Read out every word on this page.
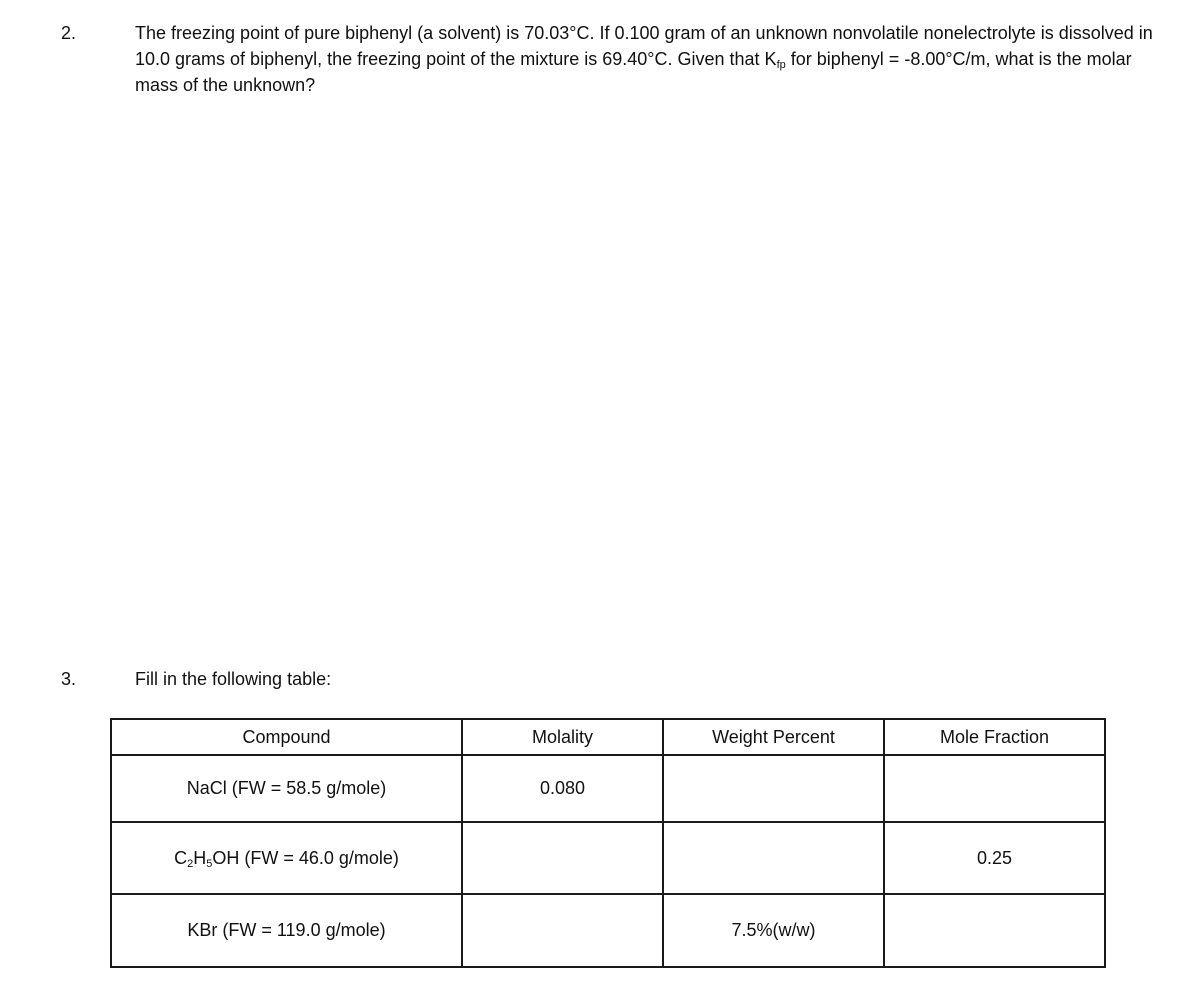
2.	The freezing point of pure biphenyl (a solvent) is 70.03°C. If 0.100 gram of an unknown nonvolatile nonelectrolyte is dissolved in 10.0 grams of biphenyl, the freezing point of the mixture is 69.40°C. Given that $K_{fp}$ for biphenyl = -8.00°C/m, what is the molar mass of the unknown?
3.	Fill in the following table:
Compound	Molality	Weight Percent	Mole Fraction
NaCl (FW = 58.5 g/mole)	0.080		
$C_2H_5OH$ (FW = 46.0 g/mole)			0.25
KBr (FW = 119.0 g/mole)		7.5%(w/w)	
